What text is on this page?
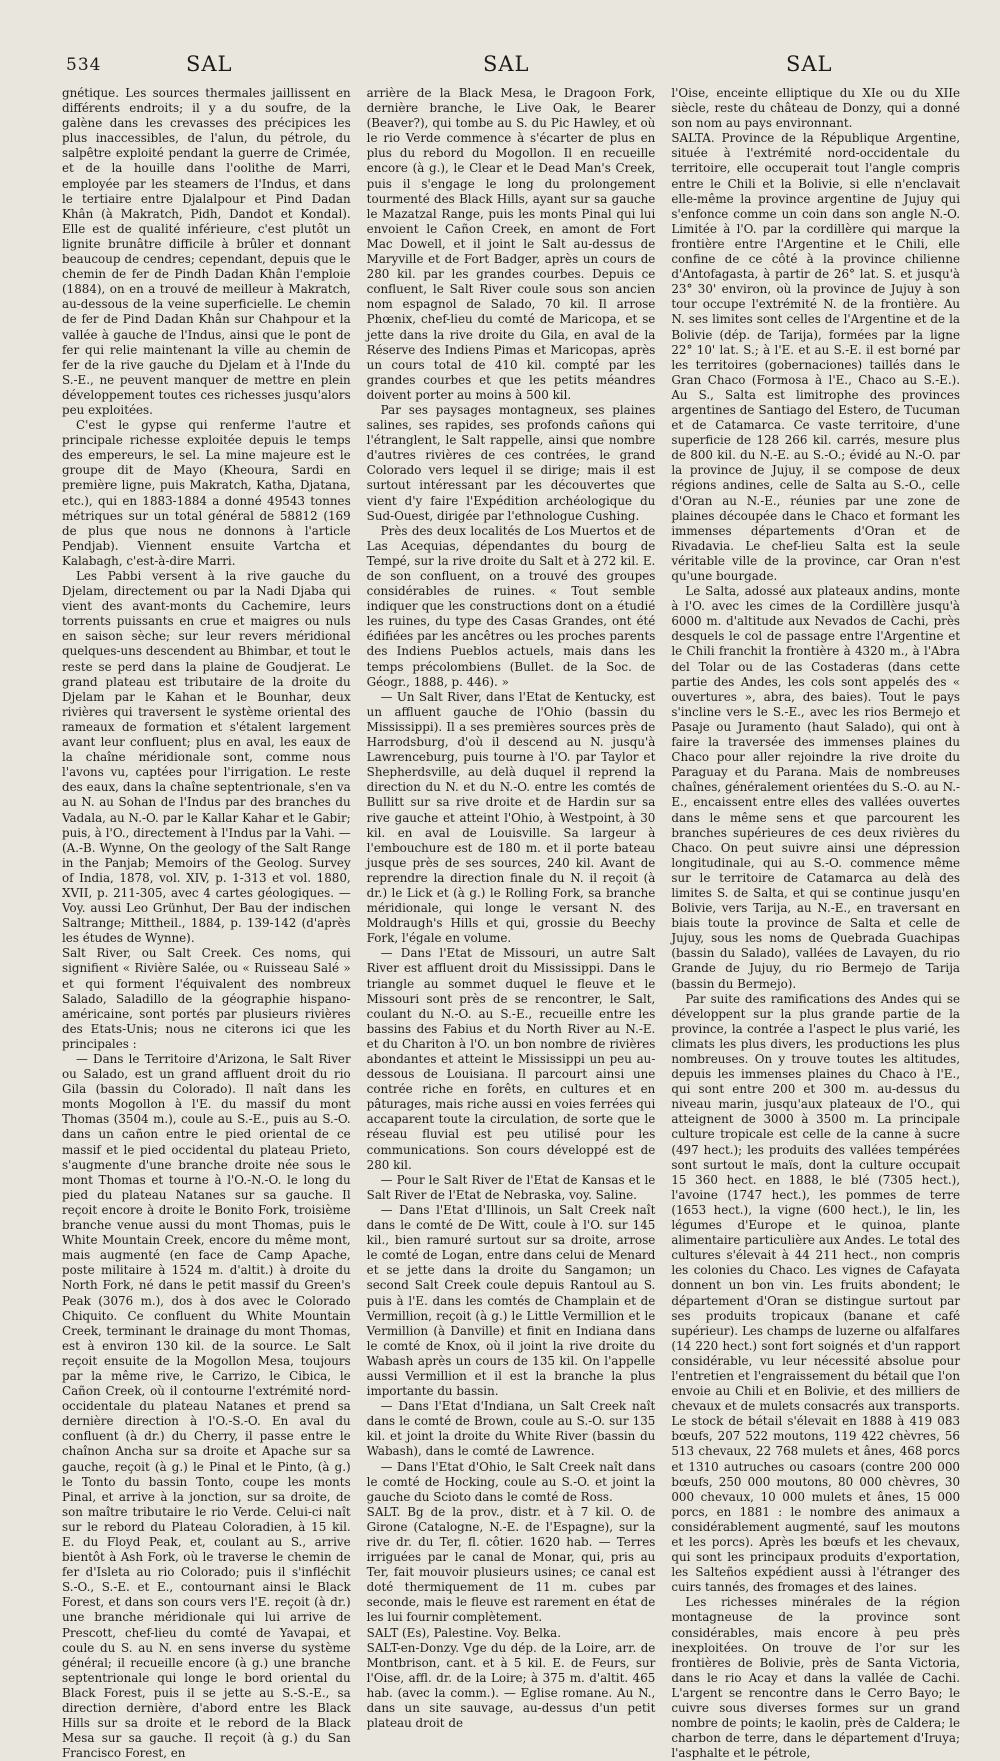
534	SAL	SAL	SAL

gnétique. Les sources thermales jaillissent en différents endroits; il y a du soufre, de la galène dans les crevasses des précipices les plus inaccessibles, de l'alun, du pétrole, du salpêtre exploité pendant la guerre de Crimée, et de la houille dans l'oolithe de Marri, employée par les steamers de l'Indus, et dans le tertiaire entre Djalalpour et Pind Dadan Khân (à Makratch, Pidh, Dandot et Kondal). Elle est de qualité inférieure, c'est plutôt un lignite brunâtre difficile à brûler et donnant beaucoup de cendres; cependant, depuis que le chemin de fer de Pindh Dadan Khân l'emploie (1884), on en a trouvé de meilleur à Makratch, au-dessous de la veine superficielle. Le chemin de fer de Pind Dadan Khân sur Chahpour et la vallée à gauche de l'Indus, ainsi que le pont de fer qui relie maintenant la ville au chemin de fer de la rive gauche du Djelam et à l'Inde du S.-E., ne peuvent manquer de mettre en plein développement toutes ces richesses jusqu'alors peu exploitées.

C'est le gypse qui renferme l'autre et principale richesse exploitée depuis le temps des empereurs, le sel. La mine majeure est le groupe dit de Mayo (Kheoura, Sardi en première ligne, puis Makratch, Katha, Djatana, etc.), qui en 1883-1884 a donné 49543 tonnes métriques sur un total général de 58812 (169 de plus que nous ne donnons à l'article Pendjab). Viennent ensuite Vartcha et Kalabagh, c'est-à-dire Marri.

Les Pabbi versent à la rive gauche du Djelam, directement ou par la Nadi Djaba qui vient des avant-monts du Cachemire, leurs torrents puissants en crue et maigres ou nuls en saison sèche; sur leur revers méridional quelques-uns descendent au Bhimbar, et tout le reste se perd dans la plaine de Goudjerat. Le grand plateau est tributaire de la droite du Djelam par le Kahan et le Bounhar, deux rivières qui traversent le système oriental des rameaux de formation et s'étalent largement avant leur confluent; plus en aval, les eaux de la chaîne méridionale sont, comme nous l'avons vu, captées pour l'irrigation. Le reste des eaux, dans la chaîne septentrionale, s'en va au N. au Sohan de l'Indus par des branches du Vadala, au N.-O. par le Kallar Kahar et le Gabir; puis, à l'O., directement à l'Indus par la Vahi. — (A.-B. Wynne, On the geology of the Salt Range in the Panjab; Memoirs of the Geolog. Survey of India, 1878, vol. XIV, p. 1-313 et vol. 1880, XVII, p. 211-305, avec 4 cartes géologiques. — Voy. aussi Leo Grünhut, Der Bau der indischen Saltrange; Mittheil., 1884, p. 139-142 (d'après les études de Wynne).

Salt River, ou Salt Creek. Ces noms, qui signifient « Rivière Salée, ou « Ruisseau Salé » et qui forment l'équivalent des nombreux Salado, Saladillo de la géographie hispano-américaine, sont portés par plusieurs rivières des Etats-Unis; nous ne citerons ici que les principales :

— Dans le Territoire d'Arizona, le Salt River ou Salado, est un grand affluent droit du rio Gila (bassin du Colorado). Il naît dans les monts Mogollon à l'E. du massif du mont Thomas (3504 m.), coule au S.-E., puis au S.-O. dans un cañon entre le pied oriental de ce massif et le pied occidental du plateau Prieto, s'augmente d'une branche droite née sous le mont Thomas et tourne à l'O.-N.-O. le long du pied du plateau Natanes sur sa gauche. Il reçoit encore à droite le Bonito Fork, troisième branche venue aussi du mont Thomas, puis le White Mountain Creek, encore du même mont, mais augmenté (en face de Camp Apache, poste militaire à 1524 m. d'altit.) à droite du North Fork, né dans le petit massif du Green's Peak (3076 m.), dos à dos avec le Colorado Chiquito. Ce confluent du White Mountain Creek, terminant le drainage du mont Thomas, est à environ 130 kil. de la source. Le Salt reçoit ensuite de la Mogollon Mesa, toujours par la même rive, le Carrizo, le Cibica, le Cañon Creek, où il contourne l'extrémité nord-occidentale du plateau Natanes et prend sa dernière direction à l'O.-S.-O. En aval du confluent (à dr.) du Cherry, il passe entre le chaînon Ancha sur sa droite et Apache sur sa gauche, reçoit (à g.) le Pinal et le Pinto, (à g.) le Tonto du bassin Tonto, coupe les monts Pinal, et arrive à la jonction, sur sa droite, de son maître tributaire le rio Verde. Celui-ci naît sur le rebord du Plateau Coloradien, à 15 kil. E. du Floyd Peak, et, coulant au S., arrive bientôt à Ash Fork, où le traverse le chemin de fer d'Isleta au rio Colorado; puis il s'infléchit S.-O., S.-E. et E., contournant ainsi le Black Forest, et dans son cours vers l'E. reçoit (à dr.) une branche méridionale qui lui arrive de Prescott, chef-lieu du comté de Yavapai, et coule du S. au N. en sens inverse du système général; il recueille encore (à g.) une branche septentrionale qui longe le bord oriental du Black Forest, puis il se jette au S.-S.-E., sa direction dernière, d'abord entre les Black Hills sur sa droite et le rebord de la Black Mesa sur sa gauche. Il reçoit (à g.) du San Francisco Forest, en

arrière de la Black Mesa, le Dragoon Fork, dernière branche, le Live Oak, le Bearer (Beaver?), qui tombe au S. du Pic Hawley, et où le rio Verde commence à s'écarter de plus en plus du rebord du Mogollon. Il en recueille encore (à g.), le Clear et le Dead Man's Creek, puis il s'engage le long du prolongement tourmenté des Black Hills, ayant sur sa gauche le Mazatzal Range, puis les monts Pinal qui lui envoient le Cañon Creek, en amont de Fort Mac Dowell, et il joint le Salt au-dessus de Maryville et de Fort Badger, après un cours de 280 kil. par les grandes courbes. Depuis ce confluent, le Salt River coule sous son ancien nom espagnol de Salado, 70 kil. Il arrose Phœnix, chef-lieu du comté de Maricopa, et se jette dans la rive droite du Gila, en aval de la Réserve des Indiens Pimas et Maricopas, après un cours total de 410 kil. compté par les grandes courbes et que les petits méandres doivent porter au moins à 500 kil.

Par ses paysages montagneux, ses plaines salines, ses rapides, ses profonds cañons qui l'étranglent, le Salt rappelle, ainsi que nombre d'autres rivières de ces contrées, le grand Colorado vers lequel il se dirige; mais il est surtout intéressant par les découvertes que vient d'y faire l'Expédition archéologique du Sud-Ouest, dirigée par l'ethnologue Cushing.

Près des deux localités de Los Muertos et de Las Acequias, dépendantes du bourg de Tempé, sur la rive droite du Salt et à 272 kil. E. de son confluent, on a trouvé des groupes considérables de ruines. « Tout semble indiquer que les constructions dont on a étudié les ruines, du type des Casas Grandes, ont été édifiées par les ancêtres ou les proches parents des Indiens Pueblos actuels, mais dans les temps précolombiens (Bullet. de la Soc. de Géogr., 1888, p. 446). »

— Un Salt River, dans l'Etat de Kentucky, est un affluent gauche de l'Ohio (bassin du Mississippi). Il a ses premières sources près de Harrodsburg, d'où il descend au N. jusqu'à Lawrenceburg, puis tourne à l'O. par Taylor et Shepherdsville, au delà duquel il reprend la direction du N. et du N.-O. entre les comtés de Bullitt sur sa rive droite et de Hardin sur sa rive gauche et atteint l'Ohio, à Westpoint, à 30 kil. en aval de Louisville. Sa largeur à l'embouchure est de 180 m. et il porte bateau jusque près de ses sources, 240 kil. Avant de reprendre la direction finale du N. il reçoit (à dr.) le Lick et (à g.) le Rolling Fork, sa branche méridionale, qui longe le versant N. des Moldraugh's Hills et qui, grossie du Beechy Fork, l'égale en volume.

— Dans l'Etat de Missouri, un autre Salt River est affluent droit du Mississippi. Dans le triangle au sommet duquel le fleuve et le Missouri sont près de se rencontrer, le Salt, coulant du N.-O. au S.-E., recueille entre les bassins des Fabius et du North River au N.-E. et du Chariton à l'O. un bon nombre de rivières abondantes et atteint le Mississippi un peu au-dessous de Louisiana. Il parcourt ainsi une contrée riche en forêts, en cultures et en pâturages, mais riche aussi en voies ferrées qui accaparent toute la circulation, de sorte que le réseau fluvial est peu utilisé pour les communications. Son cours développé est de 280 kil.

— Pour le Salt River de l'Etat de Kansas et le Salt River de l'Etat de Nebraska, voy. Saline.

— Dans l'Etat d'Illinois, un Salt Creek naît dans le comté de De Witt, coule à l'O. sur 145 kil., bien ramuré surtout sur sa droite, arrose le comté de Logan, entre dans celui de Menard et se jette dans la droite du Sangamon; un second Salt Creek coule depuis Rantoul au S. puis à l'E. dans les comtés de Champlain et de Vermillion, reçoit (à g.) le Little Vermillion et le Vermillion (à Danville) et finit en Indiana dans le comté de Knox, où il joint la rive droite du Wabash après un cours de 135 kil. On l'appelle aussi Vermillion et il est la branche la plus importante du bassin.

— Dans l'Etat d'Indiana, un Salt Creek naît dans le comté de Brown, coule au S.-O. sur 135 kil. et joint la droite du White River (bassin du Wabash), dans le comté de Lawrence.

— Dans l'Etat d'Ohio, le Salt Creek naît dans le comté de Hocking, coule au S.-O. et joint la gauche du Scioto dans le comté de Ross.

SALT. Bg de la prov., distr. et à 7 kil. O. de Girone (Catalogne, N.-E. de l'Espagne), sur la rive dr. du Ter, fl. côtier. 1620 hab. — Terres irriguées par le canal de Monar, qui, pris au Ter, fait mouvoir plusieurs usines; ce canal est doté thermiquement de 11 m. cubes par seconde, mais le fleuve est rarement en état de les lui fournir complètement.

SALT (Es), Palestine. Voy. Belka.

SALT-en-Donzy. Vge du dép. de la Loire, arr. de Montbrison, cant. et à 5 kil. E. de Feurs, sur l'Oise, affl. dr. de la Loire; à 375 m. d'altit. 465 hab. (avec la comm.). — Eglise romane. Au N., dans un site sauvage, au-dessus d'un petit plateau droit de

l'Oise, enceinte elliptique du XIe ou du XIIe siècle, reste du château de Donzy, qui a donné son nom au pays environnant.

SALTA. Province de la République Argentine, située à l'extrémité nord-occidentale du territoire, elle occuperait tout l'angle compris entre le Chili et la Bolivie, si elle n'enclavait elle-même la province argentine de Jujuy qui s'enfonce comme un coin dans son angle N.-O. Limitée à l'O. par la cordillère qui marque la frontière entre l'Argentine et le Chili, elle confine de ce côté à la province chilienne d'Antofagasta, à partir de 26° lat. S. et jusqu'à 23° 30' environ, où la province de Jujuy à son tour occupe l'extrémité N. de la frontière. Au N. ses limites sont celles de l'Argentine et de la Bolivie (dép. de Tarija), formées par la ligne 22° 10' lat. S.; à l'E. et au S.-E. il est borné par les territoires (gobernaciones) taillés dans le Gran Chaco (Formosa à l'E., Chaco au S.-E.). Au S., Salta est limitrophe des provinces argentines de Santiago del Estero, de Tucuman et de Catamarca. Ce vaste territoire, d'une superficie de 128 266 kil. carrés, mesure plus de 800 kil. du N.-E. au S.-O.; évidé au N.-O. par la province de Jujuy, il se compose de deux régions andines, celle de Salta au S.-O., celle d'Oran au N.-E., réunies par une zone de plaines découpée dans le Chaco et formant les immenses départements d'Oran et de Rivadavia. Le chef-lieu Salta est la seule véritable ville de la province, car Oran n'est qu'une bourgade.

Le Salta, adossé aux plateaux andins, monte à l'O. avec les cimes de la Cordillère jusqu'à 6000 m. d'altitude aux Nevados de Cachi, près desquels le col de passage entre l'Argentine et le Chili franchit la frontière à 4320 m., à l'Abra del Tolar ou de las Costaderas (dans cette partie des Andes, les cols sont appelés des « ouvertures », abra, des baies). Tout le pays s'incline vers le S.-E., avec les rios Bermejo et Pasaje ou Juramento (haut Salado), qui ont à faire la traversée des immenses plaines du Chaco pour aller rejoindre la rive droite du Paraguay et du Parana. Mais de nombreuses chaînes, généralement orientées du S.-O. au N.-E., encaissent entre elles des vallées ouvertes dans le même sens et que parcourent les branches supérieures de ces deux rivières du Chaco. On peut suivre ainsi une dépression longitudinale, qui au S.-O. commence même sur le territoire de Catamarca au delà des limites S. de Salta, et qui se continue jusqu'en Bolivie, vers Tarija, au N.-E., en traversant en biais toute la province de Salta et celle de Jujuy, sous les noms de Quebrada Guachipas (bassin du Salado), vallées de Lavayen, du rio Grande de Jujuy, du rio Bermejo de Tarija (bassin du Bermejo).

Par suite des ramifications des Andes qui se développent sur la plus grande partie de la province, la contrée a l'aspect le plus varié, les climats les plus divers, les productions les plus nombreuses. On y trouve toutes les altitudes, depuis les immenses plaines du Chaco à l'E., qui sont entre 200 et 300 m. au-dessus du niveau marin, jusqu'aux plateaux de l'O., qui atteignent de 3000 à 3500 m. La principale culture tropicale est celle de la canne à sucre (497 hect.); les produits des vallées tempérées sont surtout le maïs, dont la culture occupait 15 360 hect. en 1888, le blé (7305 hect.), l'avoine (1747 hect.), les pommes de terre (1653 hect.), la vigne (600 hect.), le lin, les légumes d'Europe et le quinoa, plante alimentaire particulière aux Andes. Le total des cultures s'élevait à 44 211 hect., non compris les colonies du Chaco. Les vignes de Cafayata donnent un bon vin. Les fruits abondent; le département d'Oran se distingue surtout par ses produits tropicaux (banane et café supérieur). Les champs de luzerne ou alfalfares (14 220 hect.) sont fort soignés et d'un rapport considérable, vu leur nécessité absolue pour l'entretien et l'engraissement du bétail que l'on envoie au Chili et en Bolivie, et des milliers de chevaux et de mulets consacrés aux transports. Le stock de bétail s'élevait en 1888 à 419 083 bœufs, 207 522 moutons, 119 422 chèvres, 56 513 chevaux, 22 768 mulets et ânes, 468 porcs et 1310 autruches ou casoars (contre 200 000 bœufs, 250 000 moutons, 80 000 chèvres, 30 000 chevaux, 10 000 mulets et ânes, 15 000 porcs, en 1881 : le nombre des animaux a considérablement augmenté, sauf les moutons et les porcs). Après les bœufs et les chevaux, qui sont les principaux produits d'exportation, les Salteños expédient aussi à l'étranger des cuirs tannés, des fromages et des laines.

Les richesses minérales de la région montagneuse de la province sont considérables, mais encore à peu près inexploitées. On trouve de l'or sur les frontières de Bolivie, près de Santa Victoria, dans le rio Acay et dans la vallée de Cachi. L'argent se rencontre dans le Cerro Bayo; le cuivre sous diverses formes sur un grand nombre de points; le kaolin, près de Caldera; le charbon de terre, dans le département d'Iruya; l'asphalte et le pétrole,
